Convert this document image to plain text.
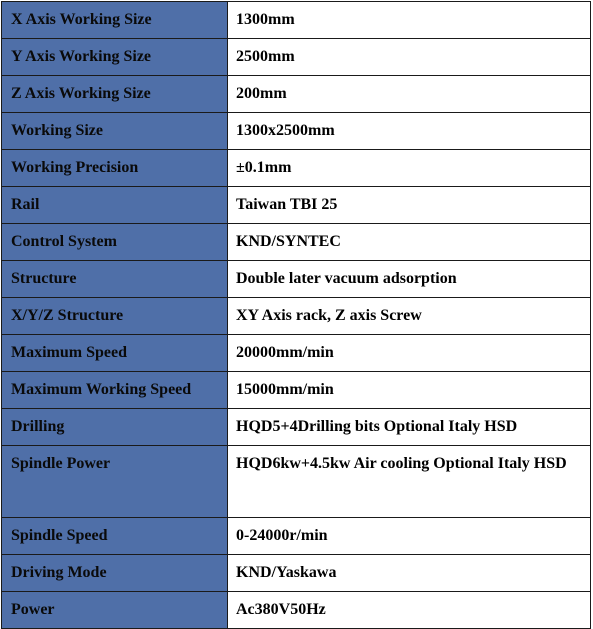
X Axis Working Size	1300mm
Y Axis Working Size	2500mm
Z Axis Working Size	200mm
Working Size	1300x2500mm
Working Precision	±0.1mm
Rail	Taiwan TBI 25
Control System	KND/SYNTEC
Structure	Double later vacuum adsorption
X/Y/Z Structure	XY Axis rack, Z axis Screw
Maximum Speed	20000mm/min
Maximum Working Speed	15000mm/min
Drilling	HQD5+4Drilling bits Optional Italy HSD
Spindle Power	HQD6kw+4.5kw Air cooling Optional Italy HSD
Spindle Speed	0-24000r/min
Driving Mode	KND/Yaskawa
Power	Ac380V50Hz
